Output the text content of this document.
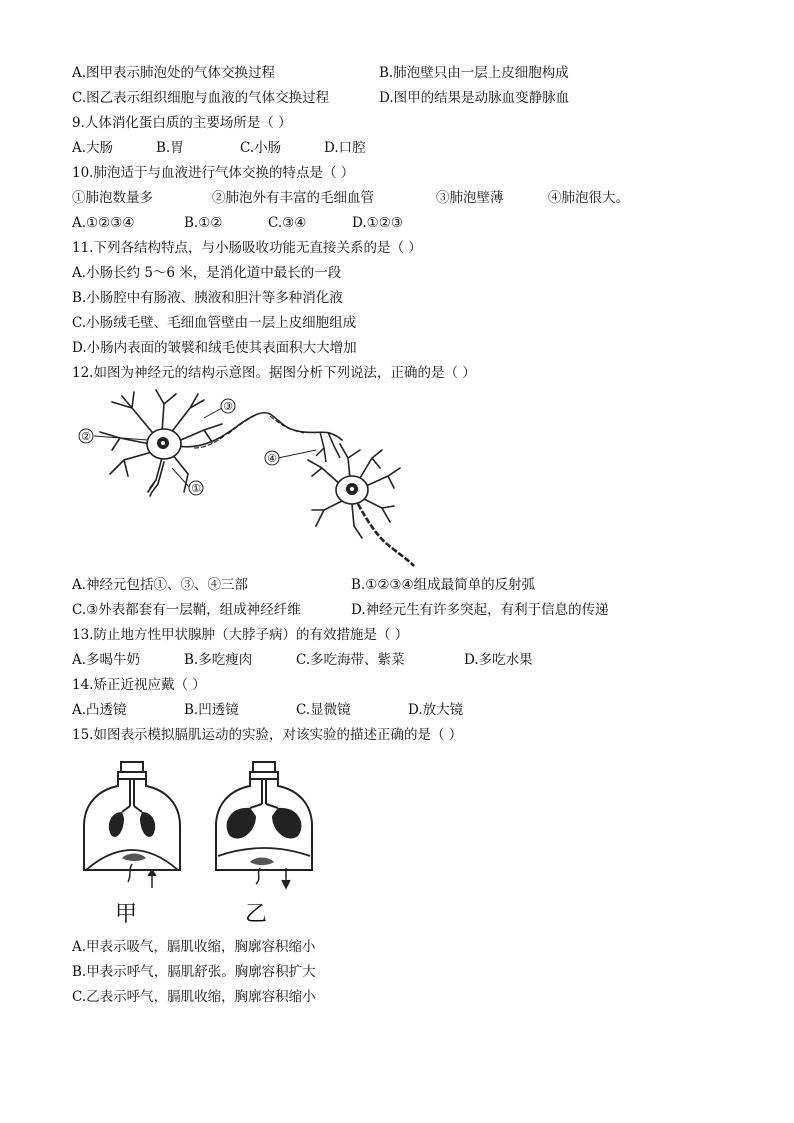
A.图甲表示肺泡处的气体交换过程	B.肺泡壁只由一层上皮细胞构成
C.图乙表示组织细胞与血液的气体交换过程	D.图甲的结果是动脉血变静脉血
9.人体消化蛋白质的主要场所是（ ）
A.大肠	B.胃	C.小肠	D.口腔
10.肺泡适于与血液进行气体交换的特点是（ ）
①肺泡数量多	②肺泡外有丰富的毛细血管	③肺泡壁薄	④肺泡很大。
A.①②③④	B.①②	C.③④	D.①②③
11.下列各结构特点，与小肠吸收功能无直接关系的是（ ）
A.小肠长约 5～6 米，是消化道中最长的一段
B.小肠腔中有肠液、胰液和胆汁等多种消化液
C.小肠绒毛壁、毛细血管壁由一层上皮细胞组成
D.小肠内表面的皱襞和绒毛使其表面积大大增加
12.如图为神经元的结构示意图。据图分析下列说法，正确的是（ ）
②
③
④
①
A.神经元包括①、③、④三部	B.①②③④组成最简单的反射弧
C.③外表都套有一层鞘，组成神经纤维	D.神经元生有许多突起，有利于信息的传递
13.防止地方性甲状腺肿（大脖子病）的有效措施是（ ）
A.多喝牛奶	B.多吃瘦肉	C.多吃海带、紫菜	D.多吃水果
14.矫正近视应戴（ ）
A.凸透镜	B.凹透镜	C.显微镜	D.放大镜
15.如图表示模拟膈肌运动的实验，对该实验的描述正确的是（ ）
甲	乙
A.甲表示吸气，膈肌收缩，胸廓容积缩小
B.甲表示呼气，膈肌舒张。胸廓容积扩大
C.乙表示呼气，膈肌收缩，胸廓容积缩小
